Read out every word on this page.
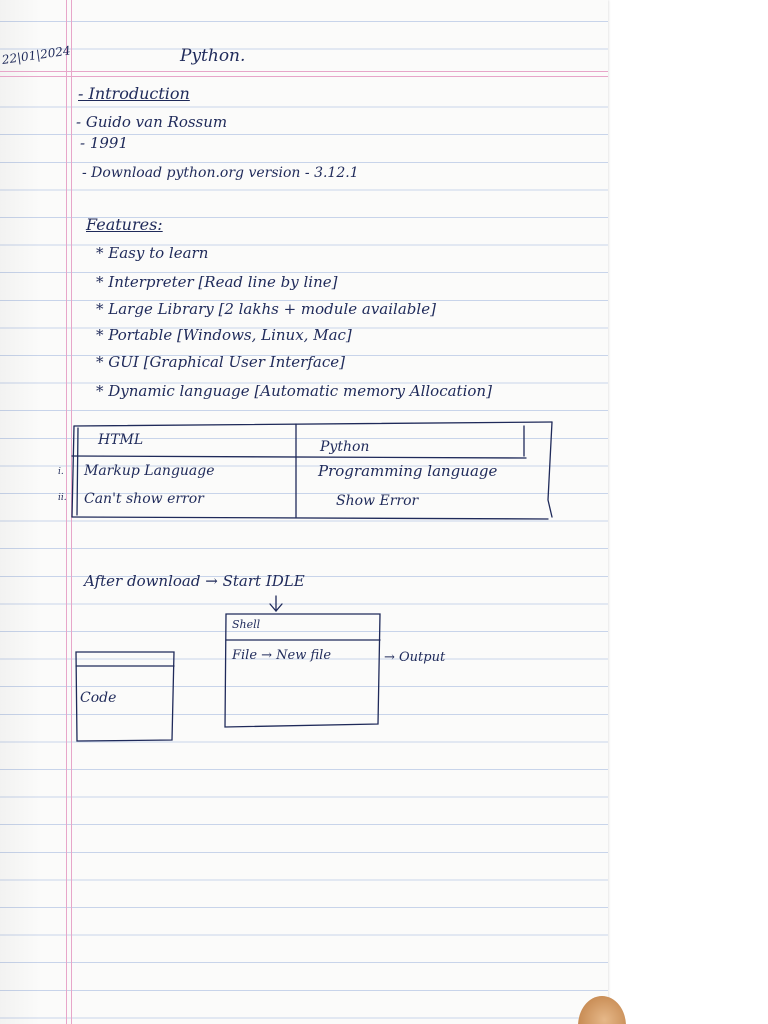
22|01|2024	Python.
- Introduction
- Guido van Rossum
- 1991
- Download python.org version - 3.12.1
Features:
* Easy to learn
* Interpreter [Read line by line]
* Large Library [2 lakhs + module available]
* Portable [Windows, Linux, Mac]
* GUI [Graphical User Interface]
* Dynamic language [Automatic memory Allocation]
HTML	Python
i.
ii.
Markup Language	Programming language
Can't show error	Show Error
After download → Start IDLE
Shell
File → New file	→ Output
Code
